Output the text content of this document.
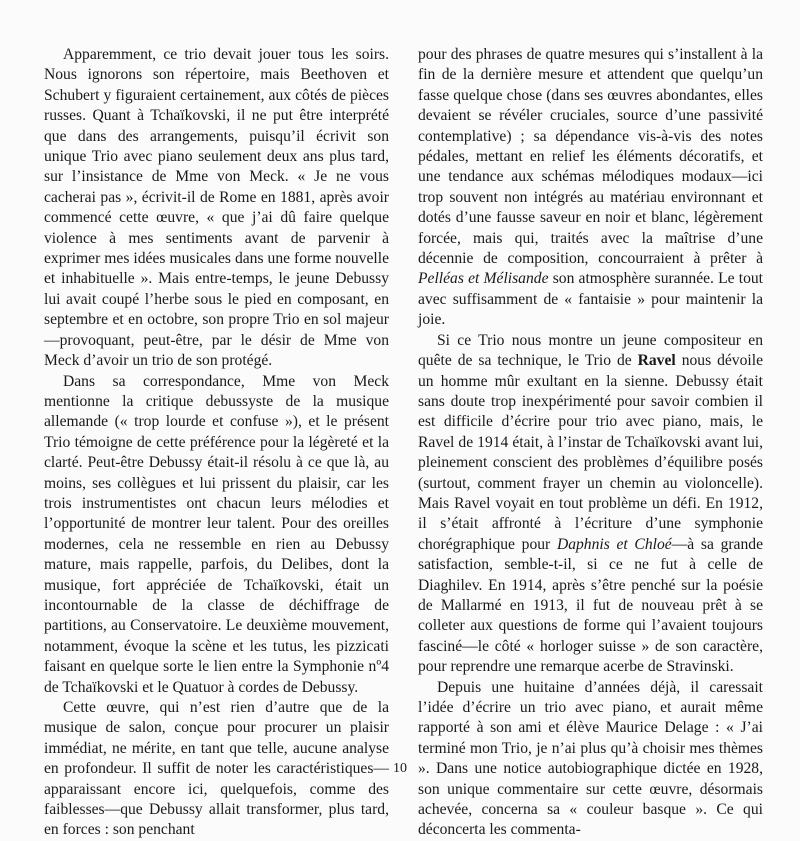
Apparemment, ce trio devait jouer tous les soirs. Nous ignorons son répertoire, mais Beethoven et Schubert y figuraient certainement, aux côtés de pièces russes. Quant à Tchaïkovski, il ne put être interprété que dans des arrangements, puisqu’il écrivit son unique Trio avec piano seulement deux ans plus tard, sur l’insistance de Mme von Meck. « Je ne vous cacherai pas », écrivit-il de Rome en 1881, après avoir commencé cette œuvre, « que j’ai dû faire quelque violence à mes sentiments avant de parvenir à exprimer mes idées musicales dans une forme nouvelle et inhabituelle ». Mais entre-temps, le jeune Debussy lui avait coupé l’herbe sous le pied en composant, en septembre et en octobre, son propre Trio en sol majeur—provoquant, peut-être, par le désir de Mme von Meck d’avoir un trio de son protégé.

Dans sa correspondance, Mme von Meck mentionne la critique debussyste de la musique allemande (« trop lourde et confuse »), et le présent Trio témoigne de cette préférence pour la légèreté et la clarté. Peut-être Debussy était-il résolu à ce que là, au moins, ses collègues et lui prissent du plaisir, car les trois instrumentistes ont chacun leurs mélodies et l’opportunité de montrer leur talent. Pour des oreilles modernes, cela ne ressemble en rien au Debussy mature, mais rappelle, parfois, du Delibes, dont la musique, fort appréciée de Tchaïkovski, était un incontournable de la classe de déchiffrage de partitions, au Conservatoire. Le deuxième mouvement, notamment, évoque la scène et les tutus, les pizzicati faisant en quelque sorte le lien entre la Symphonie nº4 de Tchaïkovski et le Quatuor à cordes de Debussy.

Cette œuvre, qui n’est rien d’autre que de la musique de salon, conçue pour procurer un plaisir immédiat, ne mérite, en tant que telle, aucune analyse en profondeur. Il suffit de noter les caractéristiques—apparaissant encore ici, quelquefois, comme des faiblesses—que Debussy allait transformer, plus tard, en forces : son penchant

pour des phrases de quatre mesures qui s’installent à la fin de la dernière mesure et attendent que quelqu’un fasse quelque chose (dans ses œuvres abondantes, elles devaient se révéler cruciales, source d’une passivité contemplative) ; sa dépendance vis-à-vis des notes pédales, mettant en relief les éléments décoratifs, et une tendance aux schémas mélodiques modaux—ici trop souvent non intégrés au matériau environnant et dotés d’une fausse saveur en noir et blanc, légèrement forcée, mais qui, traités avec la maîtrise d’une décennie de composition, concourraient à prêter à Pelléas et Mélisande son atmosphère surannée. Le tout avec suffisamment de « fantaisie » pour maintenir la joie.

Si ce Trio nous montre un jeune compositeur en quête de sa technique, le Trio de Ravel nous dévoile un homme mûr exultant en la sienne. Debussy était sans doute trop inexpérimenté pour savoir combien il est difficile d’écrire pour trio avec piano, mais, le Ravel de 1914 était, à l’instar de Tchaïkovski avant lui, pleinement conscient des problèmes d’équilibre posés (surtout, comment frayer un chemin au violoncelle). Mais Ravel voyait en tout problème un défi. En 1912, il s’était affronté à l’écriture d’une symphonie chorégraphique pour Daphnis et Chloé—à sa grande satisfaction, semble-t-il, si ce ne fut à celle de Diaghilev. En 1914, après s’être penché sur la poésie de Mallarmé en 1913, il fut de nouveau prêt à se colleter aux questions de forme qui l’avaient toujours fasciné—le côté « horloger suisse » de son caractère, pour reprendre une remarque acerbe de Stravinski.

Depuis une huitaine d’années déjà, il caressait l’idée d’écrire un trio avec piano, et aurait même rapporté à son ami et élève Maurice Delage : « J’ai terminé mon Trio, je n’ai plus qu’à choisir mes thèmes ». Dans une notice autobiographique dictée en 1928, son unique commentaire sur cette œuvre, désormais achevée, concerna sa « couleur basque ». Ce qui déconcerta les commenta-

10
